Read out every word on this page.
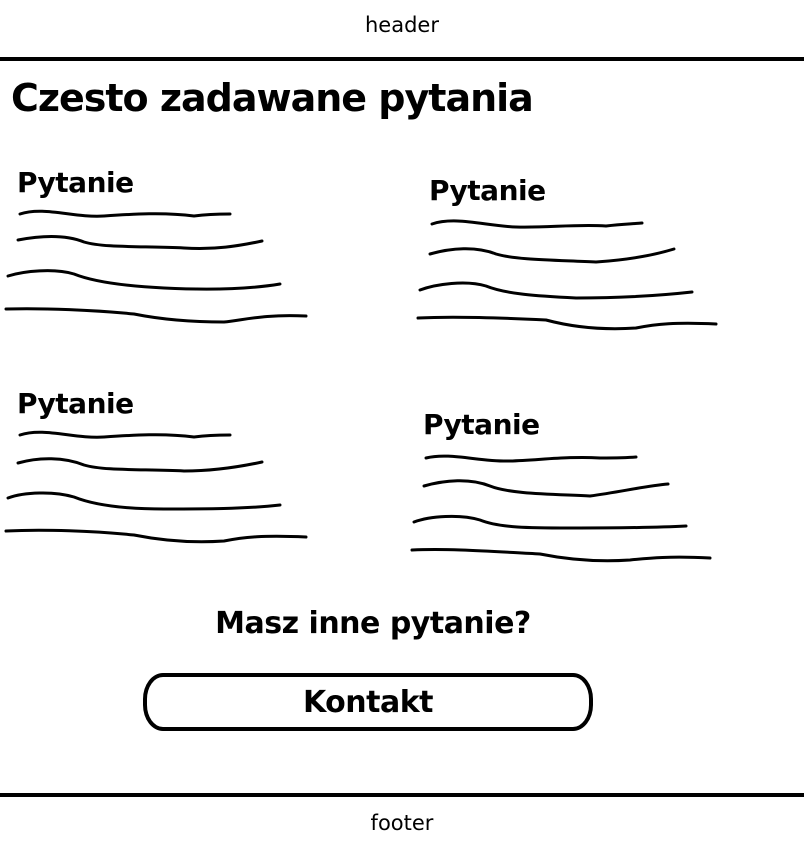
header
Czesto zadawane pytania
Pytanie	Pytanie
Pytanie
Pytanie
Masz inne pytanie?
Kontakt
footer
